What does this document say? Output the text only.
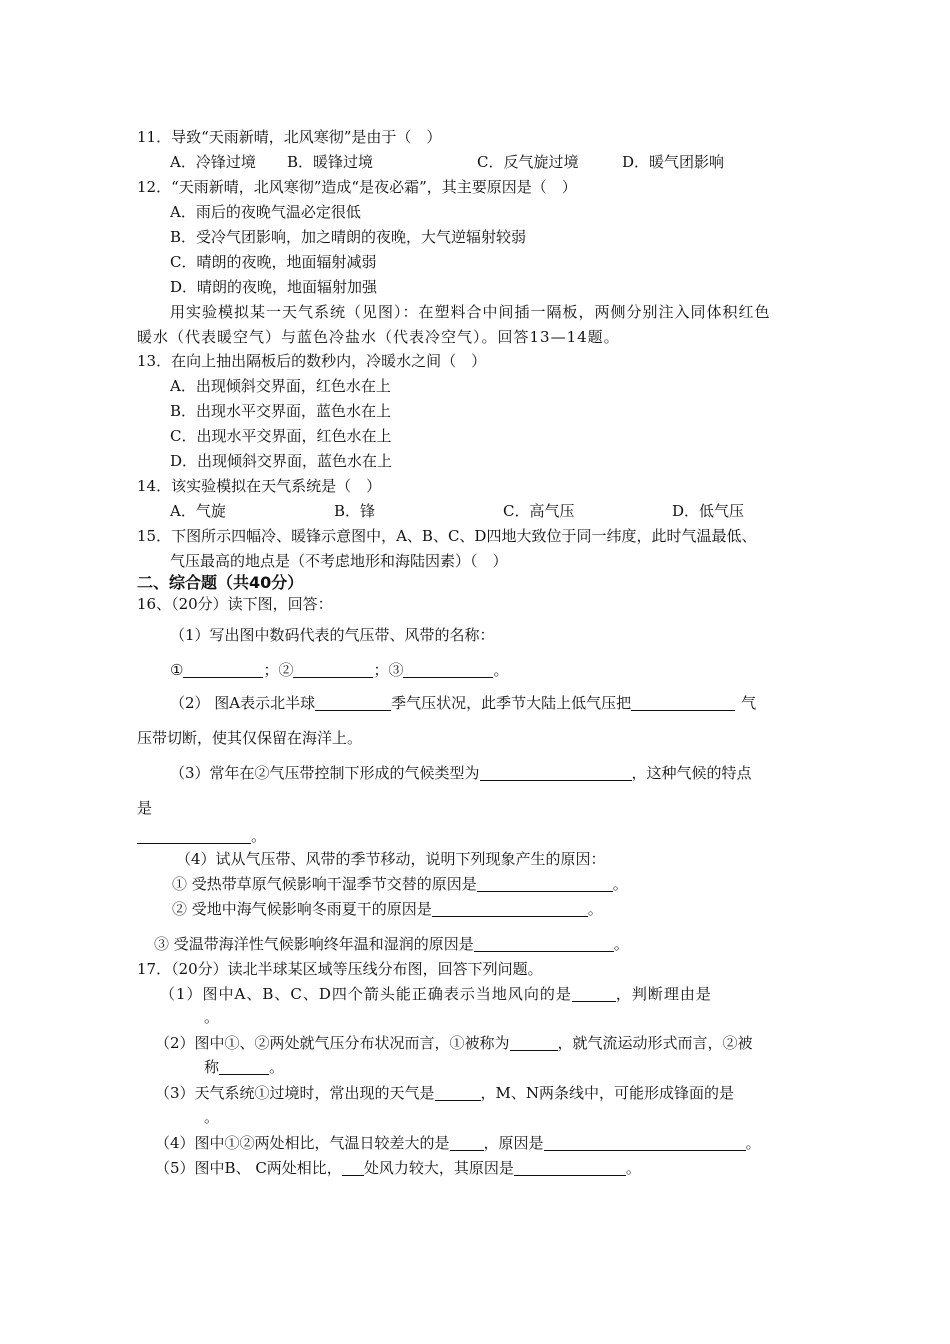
11．导致“天雨新晴，北风寒彻”是由于（　）
A．冷锋过境 B．暖锋过境	C．反气旋过境	D．暖气团影响
12．“天雨新晴，北风寒彻”造成“是夜必霜”，其主要原因是（　）
A．雨后的夜晚气温必定很低
B．受冷气团影响，加之晴朗的夜晚，大气逆辐射较弱
C．晴朗的夜晚，地面辐射减弱
D．晴朗的夜晚，地面辐射加强
用实验模拟某一天气系统（见图）：在塑料合中间插一隔板，两侧分别注入同体积红色
暖水（代表暖空气）与蓝色冷盐水（代表冷空气）。回答13—14题。
13．在向上抽出隔板后的数秒内，冷暖水之间（　）
A．出现倾斜交界面，红色水在上
B．出现水平交界面，蓝色水在上
C．出现水平交界面，红色水在上
D．出现倾斜交界面，蓝色水在上
14．该实验模拟在天气系统是（　）
A．气旋	B．锋	C．高气压	D．低气压
15．下图所示四幅冷、暖锋示意图中，A、B、C、D四地大致位于同一纬度，此时气温最低、
气压最高的地点是（不考虑地形和海陆因素）（　）
二、综合题（共40分）
16、（20分）读下图，回答：
（1）写出图中数码代表的气压带、风带的名称：
①	；②	；③	。
（2） 图A表示北半球	季气压状况，此季节大陆上低气压把	气
压带切断，使其仅保留在海洋上。
（3）常年在②气压带控制下形成的气候类型为	，这种气候的特点
是
。
（4）试从气压带、风带的季节移动，说明下列现象产生的原因：
① 受热带草原气候影响干湿季节交替的原因是	。
② 受地中海气候影响冬雨夏干的原因是	。
③ 受温带海洋性气候影响终年温和湿润的原因是	。
17．（20分）读北半球某区域等压线分布图，回答下列问题。
（1）图中A、B、C、D四个箭头能正确表示当地风向的是	，判断理由是
。
（2）图中①、②两处就气压分布状况而言，①被称为	，就气流运动形式而言，②被
称	。
（3）天气系统①过境时，常出现的天气是	，M、N两条线中，可能形成锋面的是
。
（4）图中①②两处相比，气温日较差大的是 ，原因是	。
（5）图中B、 C两处相比， 处风力较大，其原因是	。
